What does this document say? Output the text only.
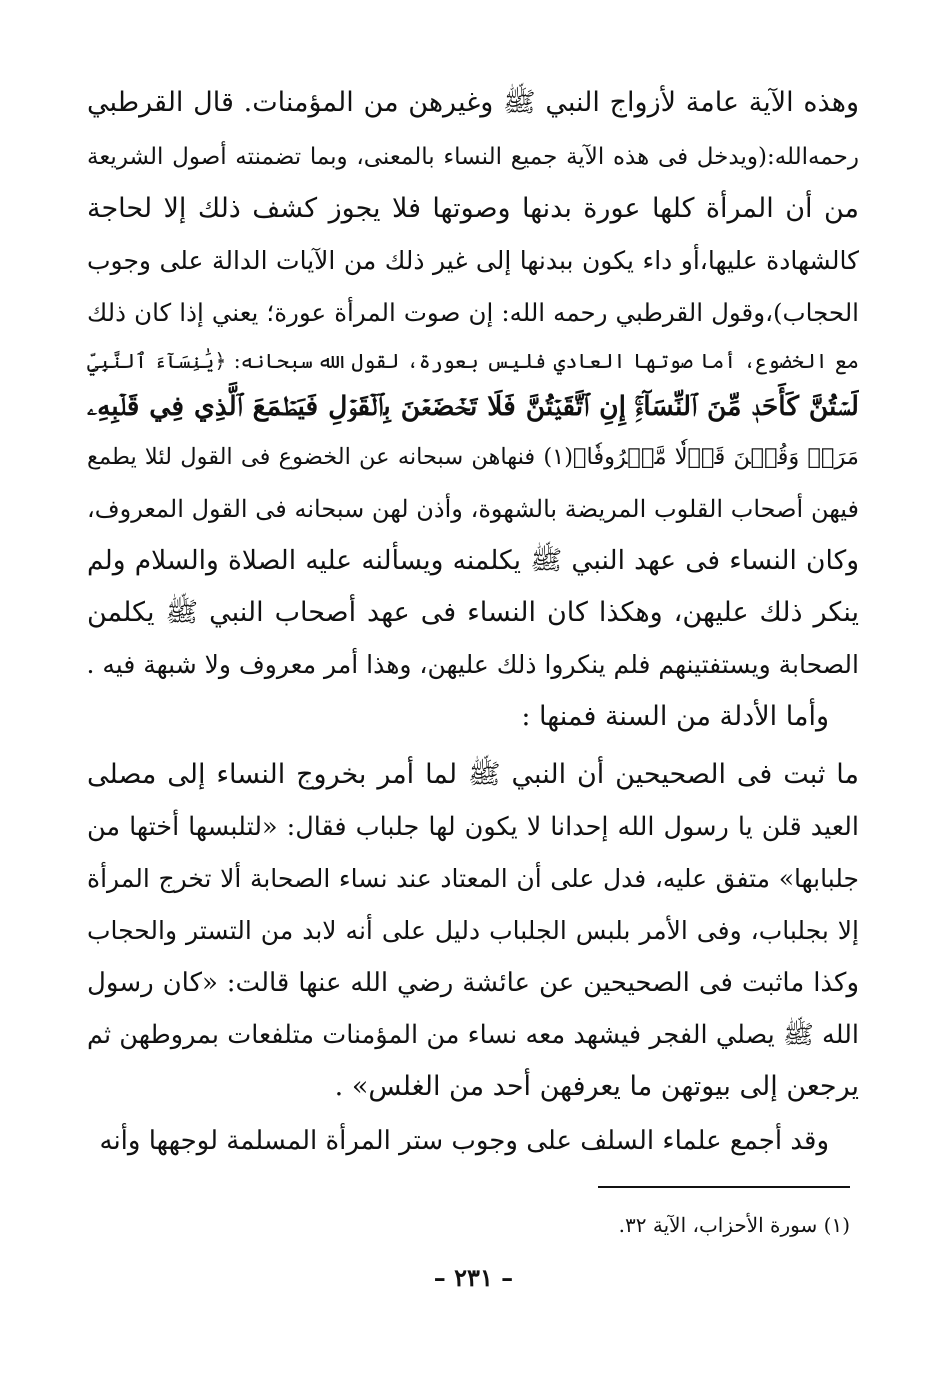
وهذه الآية عامة لأزواج النبي ﷺ وغيرهن من المؤمنات. قال القرطبي
رحمه‌الله:(ويدخل فى هذه الآية جميع النساء بالمعنى، وبما تضمنته أصول الشريعة
من أن المرأة كلها عورة بدنها وصوتها فلا يجوز كشف ذلك إلا لحاجة
كالشهادة عليها،أو داء يكون ببدنها إلى غير ذلك من الآيات الدالة على وجوب
الحجاب)،وقول القرطبي رحمه الله: إن صوت المرأة عورة؛ يعني إذا كان ذلك
مع الخضوع، أما صوتها العادي فليس بعورة، لقول الله سبحانه: ﴿يَٰنِسَآءَ ٱلنَّبِيِّ
لَسۡتُنَّ كَأَحَدٖ مِّنَ ٱلنِّسَآءِۚ إِنِ ٱتَّقَيۡتُنَّ فَلَا تَخۡضَعۡنَ بِٱلۡقَوۡلِ فَيَطۡمَعَ ٱلَّذِي فِي قَلۡبِهِۦ
مَرَضٞ وَقُلۡنَ قَوۡلٗا مَّعۡرُوفٗا﴾(١) فنهاهن سبحانه عن الخضوع فى القول لئلا يطمع
فيهن أصحاب القلوب المريضة بالشهوة، وأذن لهن سبحانه فى القول المعروف،
وكان النساء فى عهد النبي ﷺ يكلمنه ويسألنه عليه الصلاة والسلام ولم
ينكر ذلك عليهن، وهكذا كان النساء فى عهد أصحاب النبي ﷺ يكلمن
الصحابة ويستفتينهم فلم ينكروا ذلك عليهن، وهذا أمر معروف ولا شبهة فيه .
وأما الأدلة من السنة فمنها :
ما ثبت فى الصحيحين أن النبي ﷺ لما أمر بخروج النساء إلى مصلى
العيد قلن يا رسول الله إحدانا لا يكون لها جلباب فقال: «لتلبسها أختها من
جلبابها» متفق عليه، فدل على أن المعتاد عند نساء الصحابة ألا تخرج المرأة
إلا بجلباب، وفى الأمر بلبس الجلباب دليل على أنه لابد من التستر والحجاب
وكذا ماثبت فى الصحيحين عن عائشة رضي الله عنها قالت: «كان رسول
الله ﷺ يصلي الفجر فيشهد معه نساء من المؤمنات متلفعات بمروطهن ثم
يرجعن إلى بيوتهن ما يعرفهن أحد من الغلس» .
وقد أجمع علماء السلف على وجوب ستر المرأة المسلمة لوجهها وأنه
(١) سورة الأحزاب، الآية ٣٢.
– ٢٣١ –
